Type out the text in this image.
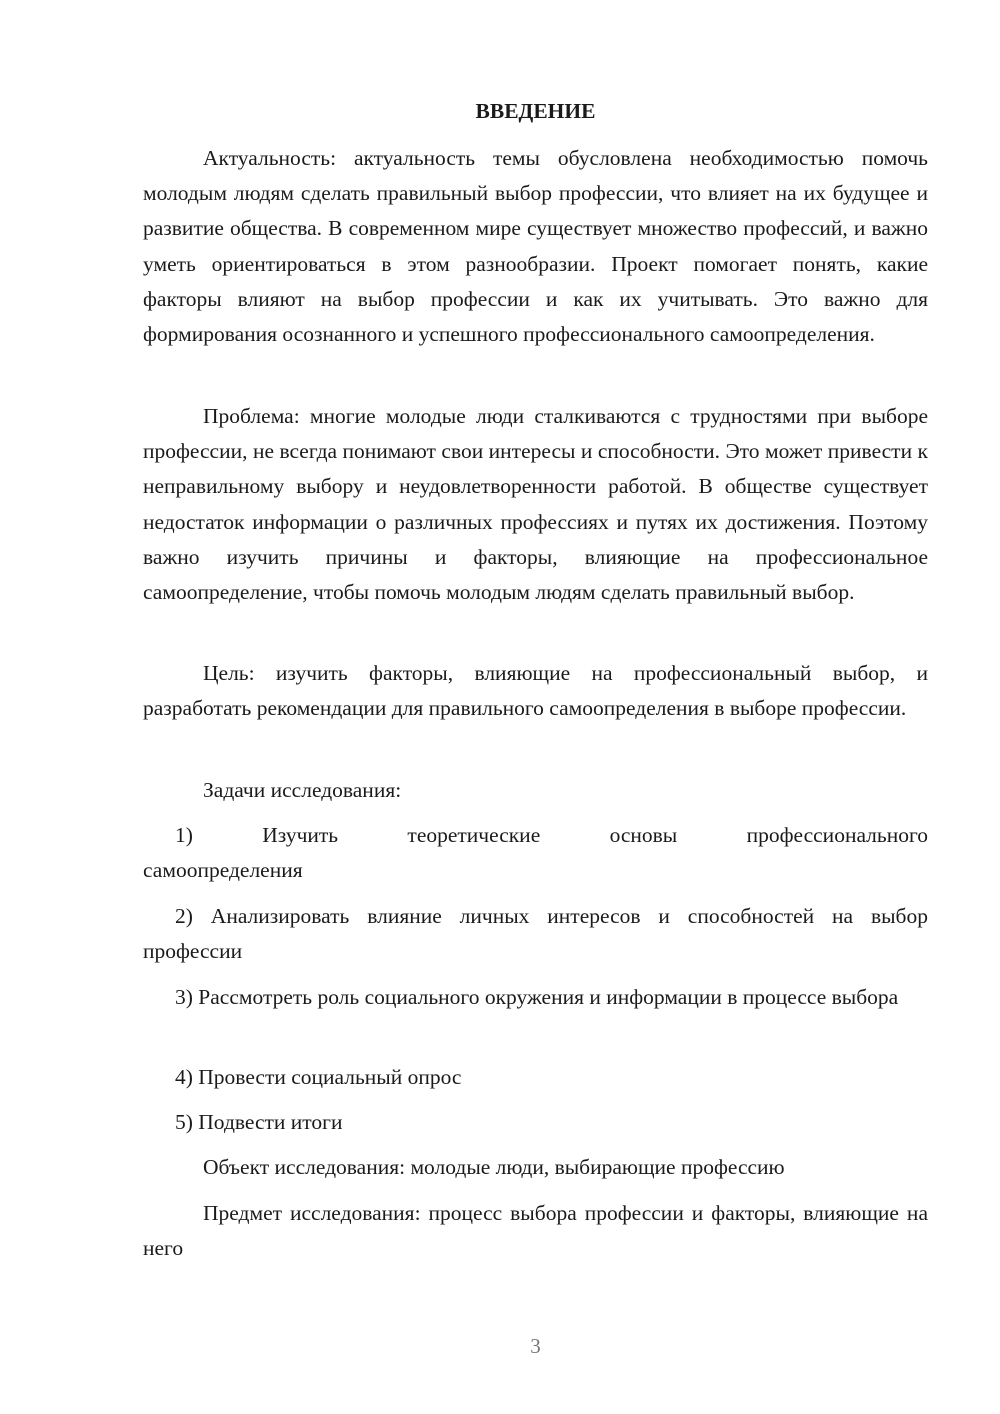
ВВЕДЕНИЕ

Актуальность: актуальность темы обусловлена необходимостью помочь молодым людям сделать правильный выбор профессии, что влияет на их будущее и развитие общества. В современном мире существует множество профессий, и важно уметь ориентироваться в этом разнообразии. Проект помогает понять, какие факторы влияют на выбор профессии и как их учитывать. Это важно для формирования осознанного и успешного профессионального самоопределения.

Проблема: многие молодые люди сталкиваются с трудностями при выборе профессии, не всегда понимают свои интересы и способности. Это может привести к неправильному выбору и неудовлетворенности работой. В обществе существует недостаток информации о различных профессиях и путях их достижения. Поэтому важно изучить причины и факторы, влияющие на профессиональное самоопределение, чтобы помочь молодым людям сделать правильный выбор.

Цель: изучить факторы, влияющие на профессиональный выбор, и разработать рекомендации для правильного самоопределения в выборе профессии.

Задачи исследования:

1) Изучить теоретические основы профессионального самоопределения

2) Анализировать влияние личных интересов и способностей на выбор профессии

3) Рассмотреть роль социального окружения и информации в процессе выбора

4) Провести социальный опрос

5) Подвести итоги

Объект исследования: молодые люди, выбирающие профессию

Предмет исследования: процесс выбора профессии и факторы, влияющие на него

3
